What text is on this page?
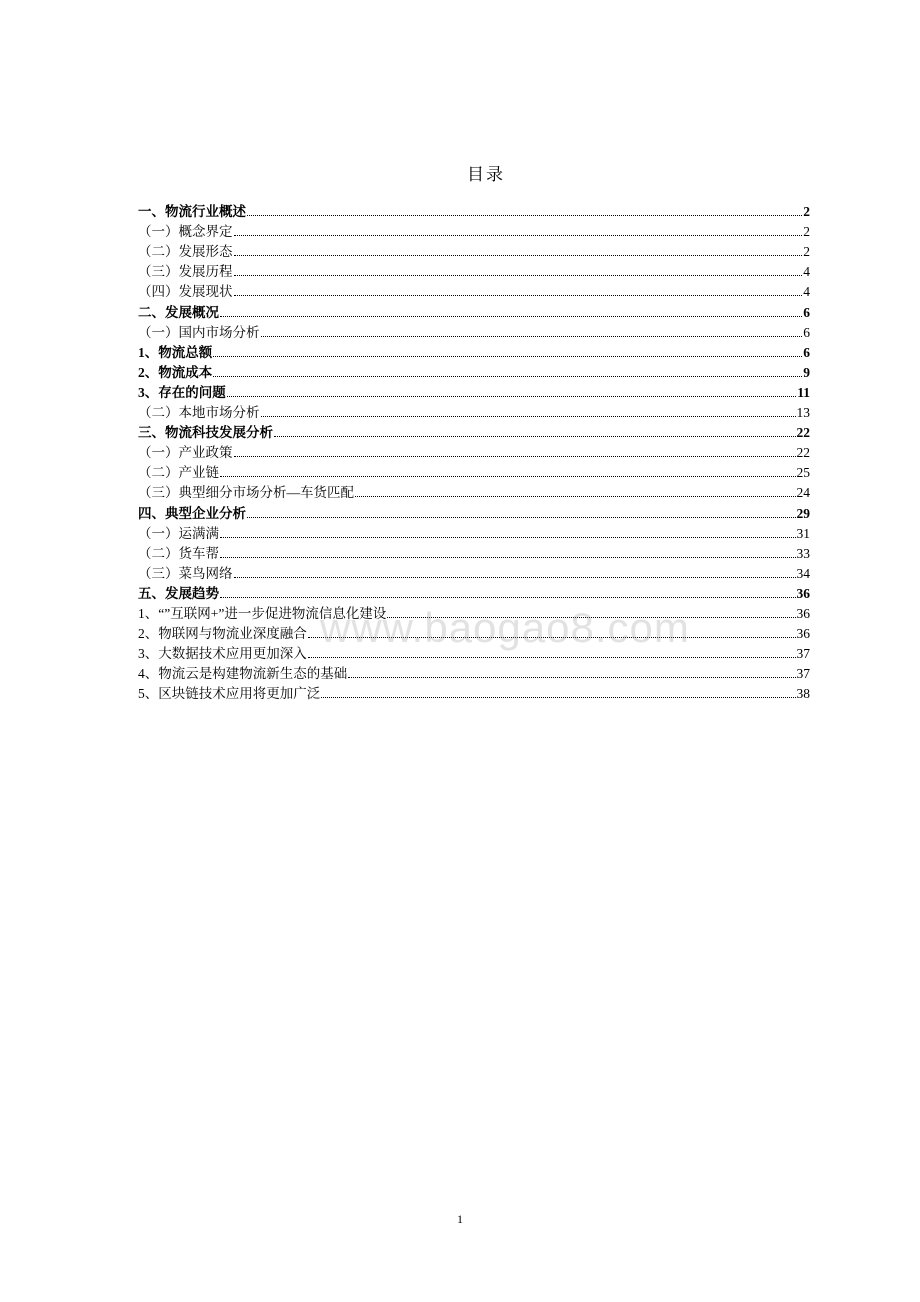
目录
一、物流行业概述	2
（一）概念界定	2
（二）发展形态	2
（三）发展历程	4
（四）发展现状	4
二、发展概况	6
（一）国内市场分析	6
1、物流总额	6
2、物流成本	9
3、存在的问题	11
（二）本地市场分析	13
三、物流科技发展分析	22
（一）产业政策	22
（二）产业链	25
（三）典型细分市场分析—车货匹配	24
四、典型企业分析	29
（一）运满满	31
（二）货车帮	33
（三）菜鸟网络	34
五、发展趋势	36
1、“”互联网+”进一步促进物流信息化建设	36
2、物联网与物流业深度融合	36
3、大数据技术应用更加深入	37
4、物流云是构建物流新生态的基础	37
5、区块链技术应用将更加广泛	38
www.baogao8.com
1
